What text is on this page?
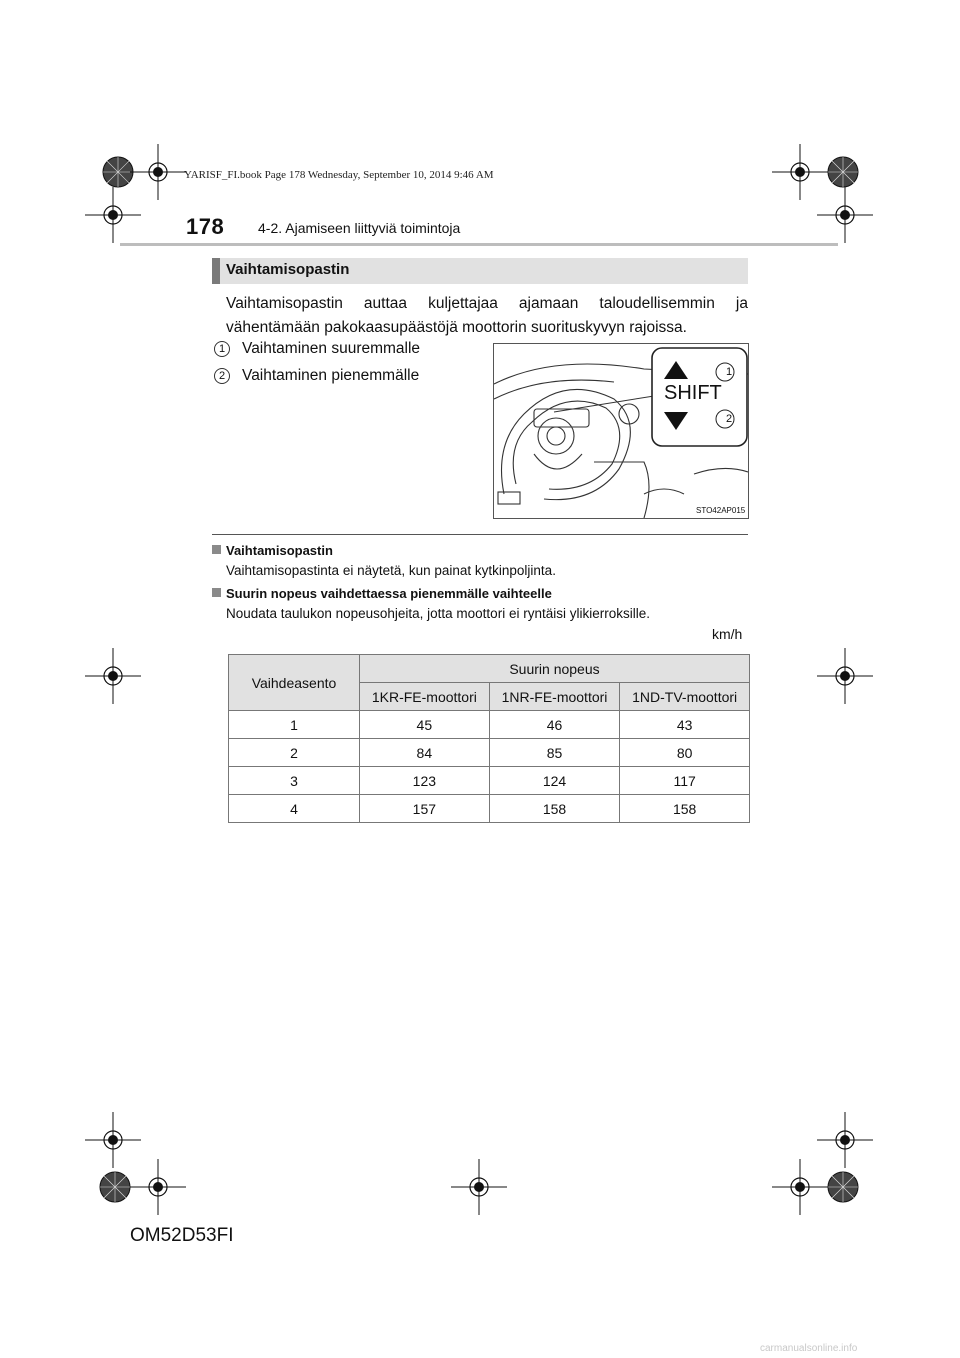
YARISF_FI.book Page 178 Wednesday, September 10, 2014 9:46 AM
178 4-2. Ajamiseen liittyviä toimintoja
Vaihtamisopastin
Vaihtamisopastin auttaa kuljettajaa ajamaan taloudellisemmin ja vähentämään pakokaasupäästöjä moottorin suorituskyvyn rajoissa.
1	Vaihtaminen suuremmalle
2	Vaihtaminen pienemmälle
SHIFT
1
2
STO42AP015
Vaihtamisopastin
Vaihtamisopastinta ei näytetä, kun painat kytkinpoljinta.
Suurin nopeus vaihdettaessa pienemmälle vaihteelle
Noudata taulukon nopeusohjeita, jotta moottori ei ryntäisi ylikierroksille.
km/h
Vaihdeasento	Suurin nopeus		
	1KR-FE-moottori	1NR-FE-moottori	1ND-TV-moottori
1	45	46	43
2	84	85	80
3	123	124	117
4	157	158	158
OM52D53FI
carmanualsonline.info
